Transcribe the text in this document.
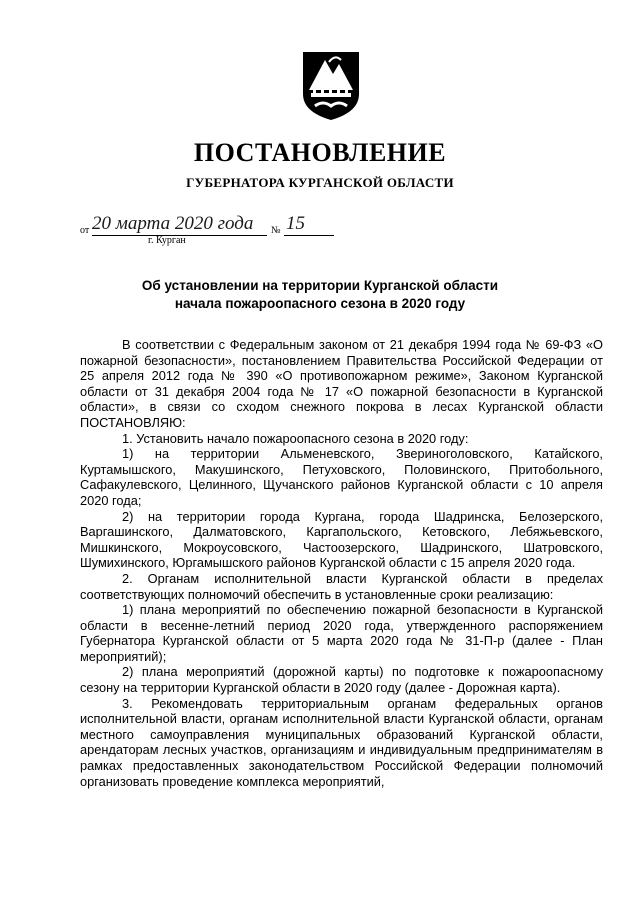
ПОСТАНОВЛЕНИЕ
ГУБЕРНАТОРА КУРГАНСКОЙ ОБЛАСТИ
от 20 марта 2020 года № 15
г. Курган
Об установлении на территории Курганской области
начала пожароопасного сезона в 2020 году

В соответствии с Федеральным законом от 21 декабря 1994 года № 69-ФЗ «О пожарной безопасности», постановлением Правительства Российской Федерации от 25 апреля 2012 года № 390 «О противопожарном режиме», Законом Курганской области от 31 декабря 2004 года № 17 «О пожарной безопасности в Курганской области», в связи со сходом снежного покрова в лесах Курганской области ПОСТАНОВЛЯЮ:

1. Установить начало пожароопасного сезона в 2020 году:

1) на территории Альменевского, Звериноголовского, Катайского, Куртамышского, Макушинского, Петуховского, Половинского, Притобольного, Сафакулевского, Целинного, Щучанского районов Курганской области с 10 апреля 2020 года;

2) на территории города Кургана, города Шадринска, Белозерского, Варгашинского, Далматовского, Каргапольского, Кетовского, Лебяжьевского, Мишкинского, Мокроусовского, Частоозерского, Шадринского, Шатровского, Шумихинского, Юргамышского районов Курганской области с 15 апреля 2020 года.

2. Органам исполнительной власти Курганской области в пределах соответствующих полномочий обеспечить в установленные сроки реализацию:

1) плана мероприятий по обеспечению пожарной безопасности в Курганской области в весенне-летний период 2020 года, утвержденного распоряжением Губернатора Курганской области от 5 марта 2020 года № 31-П-р (далее - План мероприятий);

2) плана мероприятий (дорожной карты) по подготовке к пожароопасному сезону на территории Курганской области в 2020 году (далее - Дорожная карта).

3. Рекомендовать территориальным органам федеральных органов исполнительной власти, органам исполнительной власти Курганской области, органам местного самоуправления муниципальных образований Курганской области, арендаторам лесных участков, организациям и индивидуальным предпринимателям в рамках предоставленных законодательством Российской Федерации полномочий организовать проведение комплекса мероприятий,
